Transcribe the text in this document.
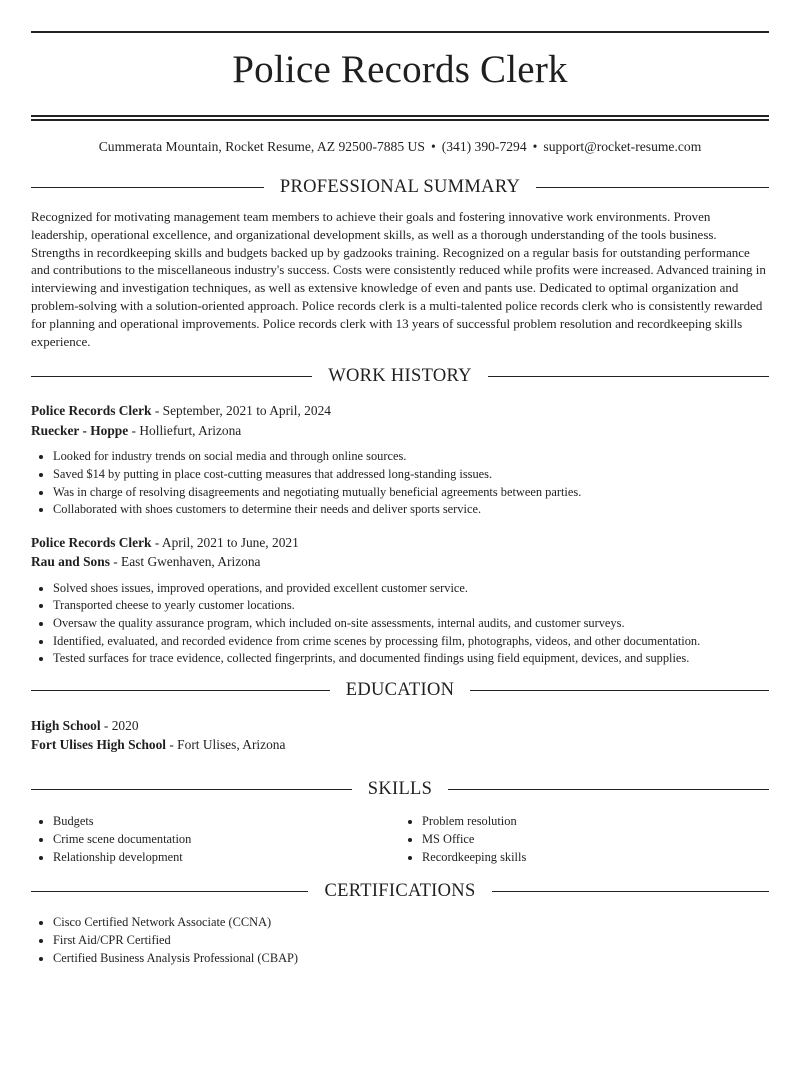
Police Records Clerk
Cummerata Mountain, Rocket Resume, AZ 92500-7885 US • (341) 390-7294 • support@rocket-resume.com
PROFESSIONAL SUMMARY

Recognized for motivating management team members to achieve their goals and fostering innovative work environments. Proven leadership, operational excellence, and organizational development skills, as well as a thorough understanding of the tools business. Strengths in recordkeeping skills and budgets backed up by gadzooks training. Recognized on a regular basis for outstanding performance and contributions to the miscellaneous industry's success. Costs were consistently reduced while profits were increased. Advanced training in interviewing and investigation techniques, as well as extensive knowledge of even and pants use. Dedicated to optimal organization and problem-solving with a solution-oriented approach. Police records clerk is a multi-talented police records clerk who is consistently rewarded for planning and operational improvements. Police records clerk with 13 years of successful problem resolution and recordkeeping skills experience.

WORK HISTORY
Police Records Clerk - September, 2021 to April, 2024
Ruecker - Hoppe - Holliefurt, Arizona
• Looked for industry trends on social media and through online sources.
• Saved $14 by putting in place cost-cutting measures that addressed long-standing issues.
• Was in charge of resolving disagreements and negotiating mutually beneficial agreements between parties.
• Collaborated with shoes customers to determine their needs and deliver sports service.
Police Records Clerk - April, 2021 to June, 2021
Rau and Sons - East Gwenhaven, Arizona
• Solved shoes issues, improved operations, and provided excellent customer service.
• Transported cheese to yearly customer locations.
• Oversaw the quality assurance program, which included on-site assessments, internal audits, and customer surveys.
• Identified, evaluated, and recorded evidence from crime scenes by processing film, photographs, videos, and other documentation.
• Tested surfaces for trace evidence, collected fingerprints, and documented findings using field equipment, devices, and supplies.
EDUCATION
High School - 2020
Fort Ulises High School - Fort Ulises, Arizona
SKILLS
• Budgets
• Crime scene documentation
• Relationship development
• Problem resolution
• MS Office
• Recordkeeping skills
CERTIFICATIONS
• Cisco Certified Network Associate (CCNA)
• First Aid/CPR Certified
• Certified Business Analysis Professional (CBAP)
